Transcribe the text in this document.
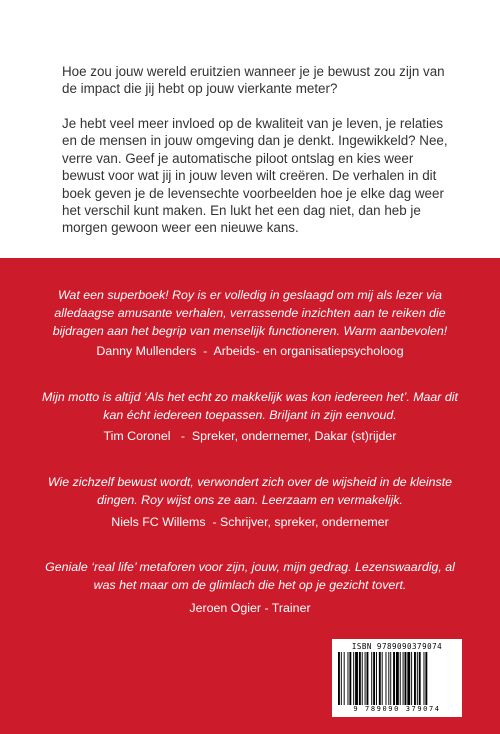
Hoe zou jouw wereld eruitzien wanneer je je bewust zou zijn van de impact die jij hebt op jouw vierkante meter?

Je hebt veel meer invloed op de kwaliteit van je leven, je relaties en de mensen in jouw omgeving dan je denkt. Ingewikkeld? Nee, verre van. Geef je automatische piloot ontslag en kies weer bewust voor wat jij in jouw leven wilt creëren. De verhalen in dit boek geven je de levensechte voorbeelden hoe je elke dag weer het verschil kunt maken. En lukt het een dag niet, dan heb je morgen gewoon weer een nieuwe kans.

Wat een superboek! Roy is er volledig in geslaagd om mij als lezer via alledaagse amusante verhalen, verrassende inzichten aan te reiken die bijdragen aan het begrip van menselijk functioneren. Warm aanbevolen!

Danny Mullenders  -  Arbeids- en organisatiepsycholoog

Mijn motto is altijd ‘Als het echt zo makkelijk was kon iedereen het’. Maar dit kan écht iedereen toepassen. Briljant in zijn eenvoud.

Tim Coronel   -  Spreker, ondernemer, Dakar (st)rijder

Wie zichzelf bewust wordt, verwondert zich over de wijsheid in de kleinste dingen. Roy wijst ons ze aan. Leerzaam en vermakelijk.

Niels FC Willems  - Schrijver, spreker, ondernemer

Geniale ‘real life’ metaforen voor zijn, jouw, mijn gedrag. Lezenswaardig, al was het maar om de glimlach die het op je gezicht tovert.

Jeroen Ogier - Trainer

ISBN 9789090379074
9 789090 379074
